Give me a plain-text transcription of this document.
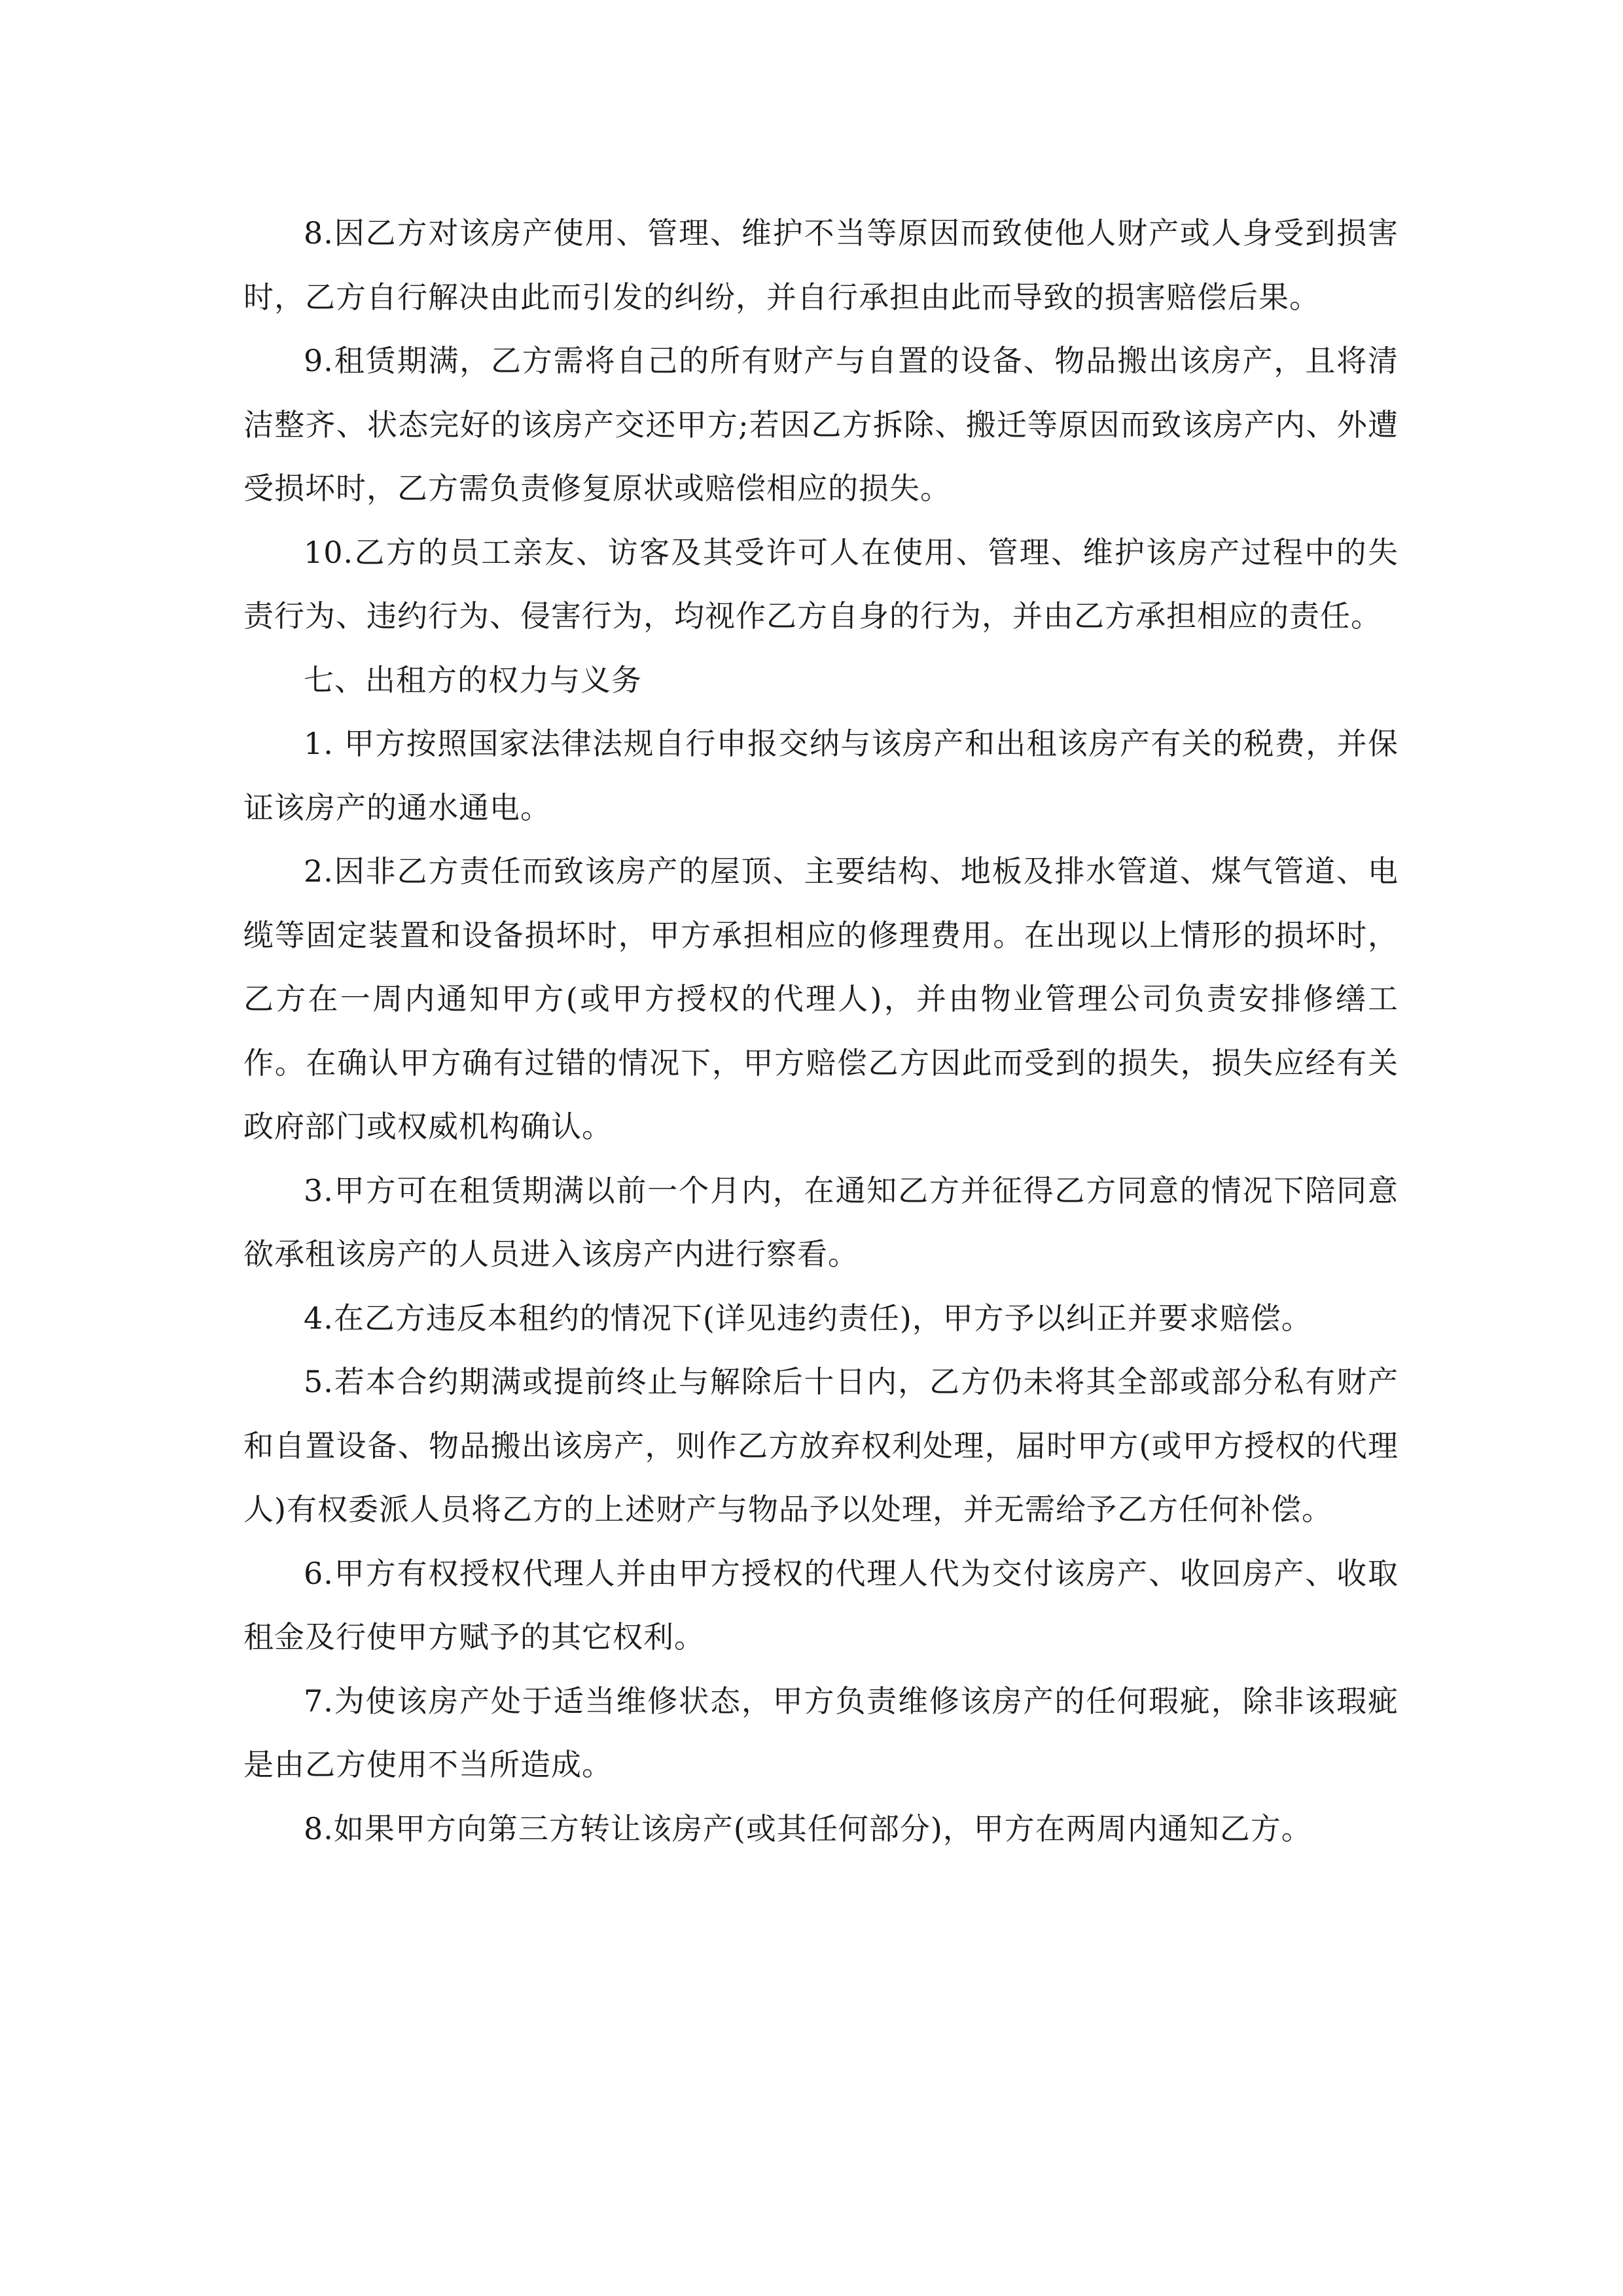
8.因乙方对该房产使用、管理、维护不当等原因而致使他人财产或人身受到损害时，乙方自行解决由此而引发的纠纷，并自行承担由此而导致的损害赔偿后果。

9.租赁期满，乙方需将自己的所有财产与自置的设备、物品搬出该房产，且将清洁整齐、状态完好的该房产交还甲方;若因乙方拆除、搬迁等原因而致该房产内、外遭受损坏时，乙方需负责修复原状或赔偿相应的损失。

10.乙方的员工亲友、访客及其受许可人在使用、管理、维护该房产过程中的失责行为、违约行为、侵害行为，均视作乙方自身的行为，并由乙方承担相应的责任。

七、出租方的权力与义务

1. 甲方按照国家法律法规自行申报交纳与该房产和出租该房产有关的税费，并保证该房产的通水通电。

2.因非乙方责任而致该房产的屋顶、主要结构、地板及排水管道、煤气管道、电缆等固定装置和设备损坏时，甲方承担相应的修理费用。在出现以上情形的损坏时，乙方在一周内通知甲方(或甲方授权的代理人)，并由物业管理公司负责安排修缮工作。在确认甲方确有过错的情况下，甲方赔偿乙方因此而受到的损失，损失应经有关政府部门或权威机构确认。

3.甲方可在租赁期满以前一个月内，在通知乙方并征得乙方同意的情况下陪同意欲承租该房产的人员进入该房产内进行察看。

4.在乙方违反本租约的情况下(详见违约责任)，甲方予以纠正并要求赔偿。

5.若本合约期满或提前终止与解除后十日内，乙方仍未将其全部或部分私有财产和自置设备、物品搬出该房产，则作乙方放弃权利处理，届时甲方(或甲方授权的代理人)有权委派人员将乙方的上述财产与物品予以处理，并无需给予乙方任何补偿。

6.甲方有权授权代理人并由甲方授权的代理人代为交付该房产、收回房产、收取租金及行使甲方赋予的其它权利。

7.为使该房产处于适当维修状态，甲方负责维修该房产的任何瑕疵，除非该瑕疵是由乙方使用不当所造成。

8.如果甲方向第三方转让该房产(或其任何部分)，甲方在两周内通知乙方。
